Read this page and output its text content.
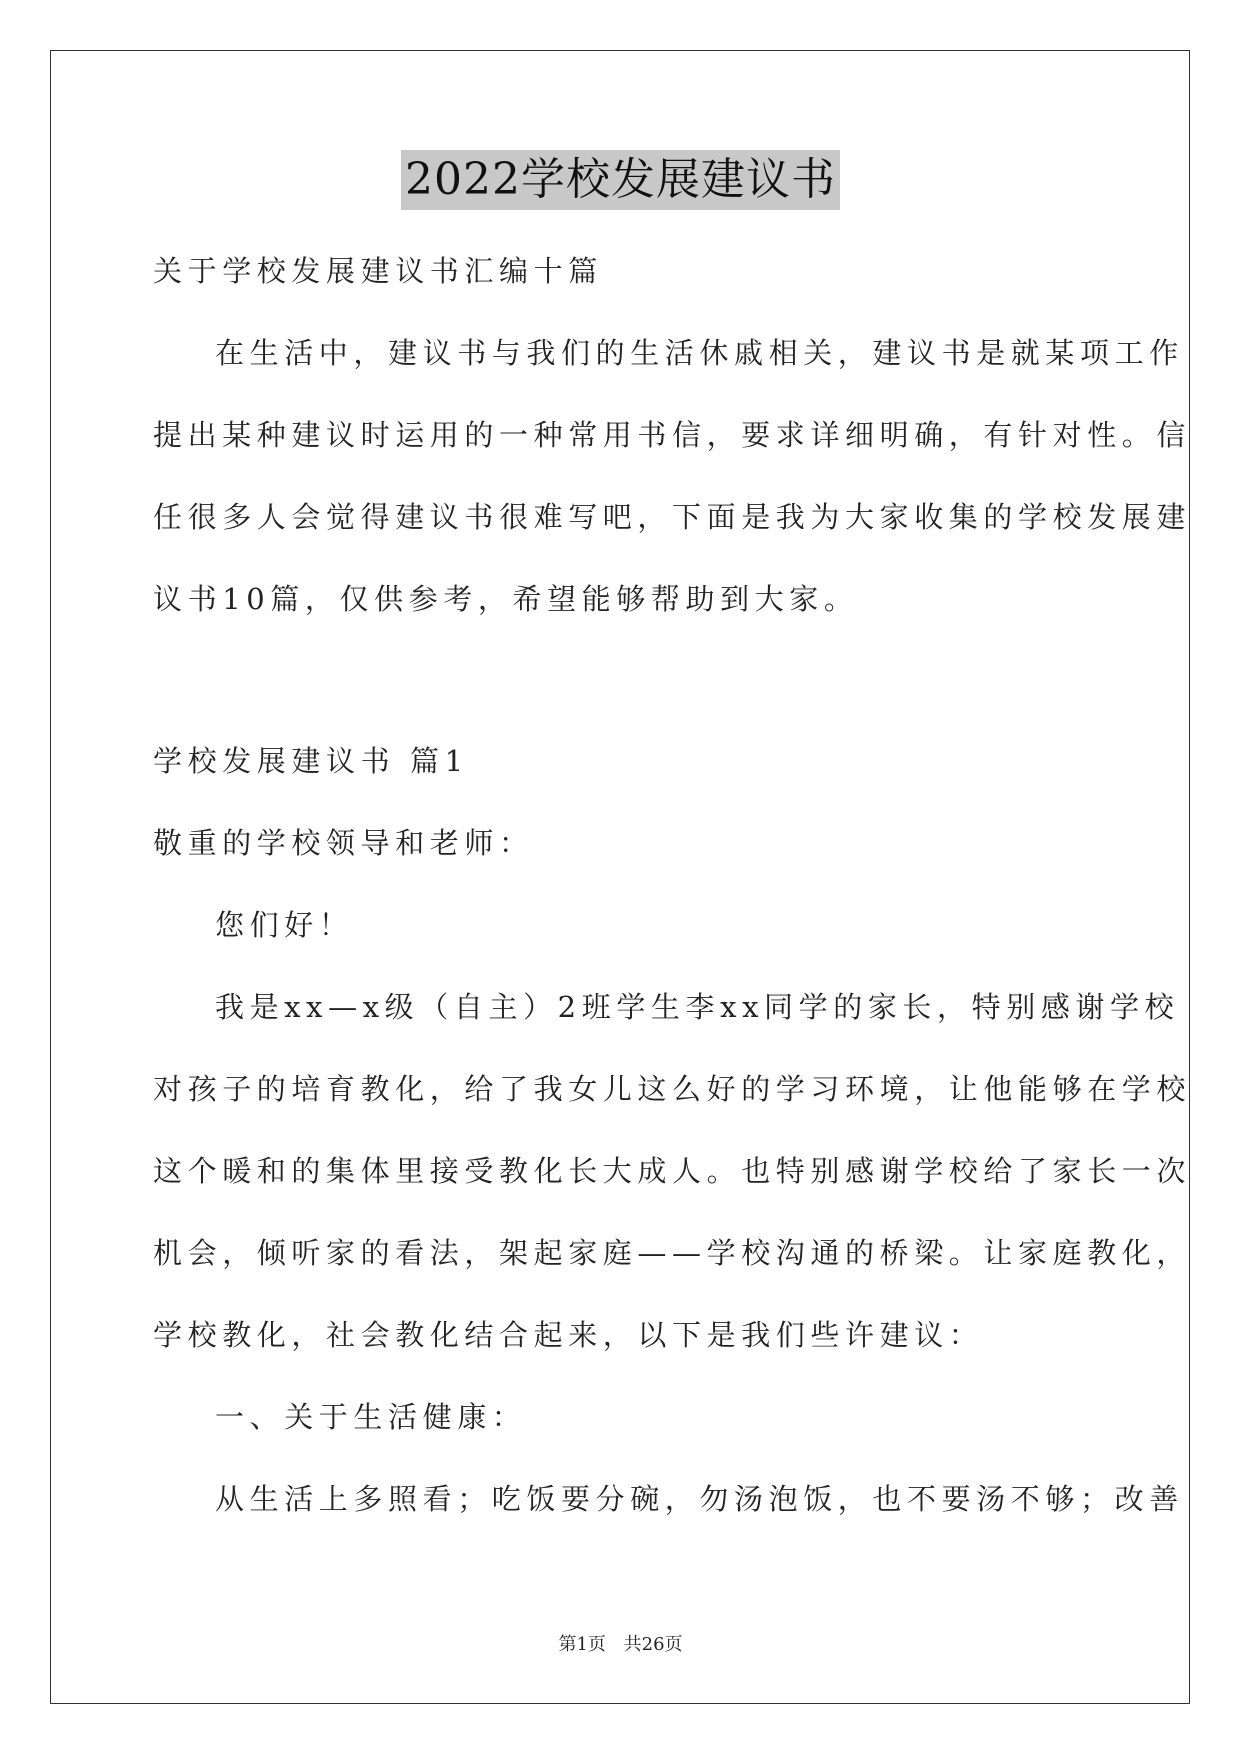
2022学校发展建议书
关于学校发展建议书汇编十篇
在生活中，建议书与我们的生活休戚相关，建议书是就某项工作
提出某种建议时运用的一种常用书信，要求详细明确，有针对性。信
任很多人会觉得建议书很难写吧，下面是我为大家收集的学校发展建
议书10篇，仅供参考，希望能够帮助到大家。
学校发展建议书 篇1
敬重的学校领导和老师：
您们好！
我是xx—x级（自主）2班学生李xx同学的家长，特别感谢学校
对孩子的培育教化，给了我女儿这么好的学习环境，让他能够在学校
这个暖和的集体里接受教化长大成人。也特别感谢学校给了家长一次
机会，倾听家的看法，架起家庭——学校沟通的桥梁。让家庭教化，
学校教化，社会教化结合起来，以下是我们些许建议：
一、关于生活健康：
从生活上多照看；吃饭要分碗，勿汤泡饭，也不要汤不够；改善
第1页 共26页
